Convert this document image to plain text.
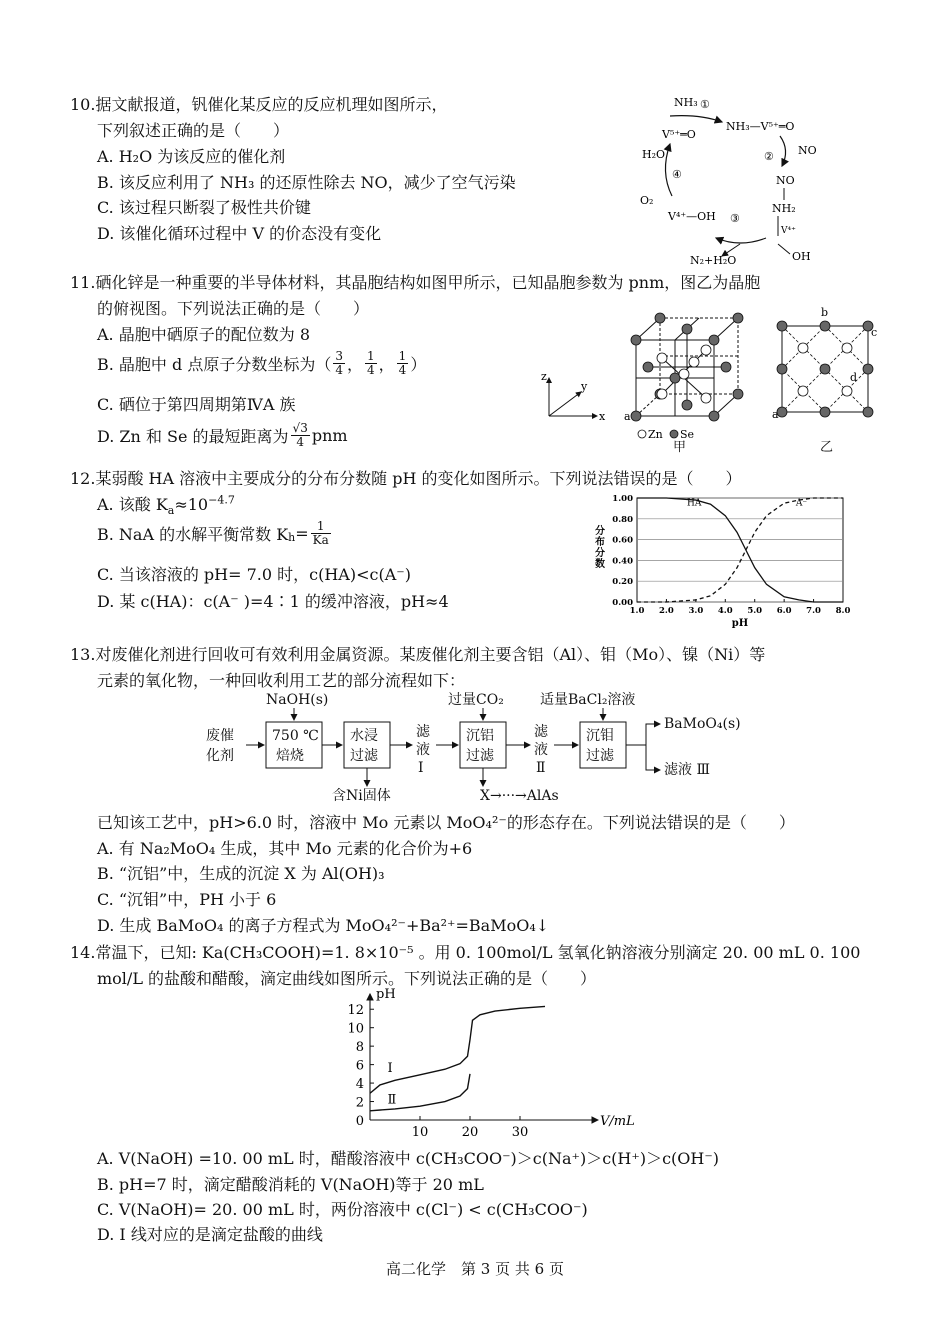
10.据文献报道，钒催化某反应的反应机理如图所示，
下列叙述正确的是（　　）
A. H₂O 为该反应的催化剂
B. 该反应利用了 NH₃ 的还原性除去 NO，减少了空气污染
C. 该过程只断裂了极性共价键
D. 该催化循环过程中 V 的价态没有变化
NH₃ ①
NH₃—V⁵⁺═O
V⁵⁺═O
② NO
H₂O
④
O₂
NO
NH₂
V⁴⁺
OH
V⁴⁺—OH ③
N₂+H₂O
11.硒化锌是一种重要的半导体材料，其晶胞结构如图甲所示，已知晶胞参数为 pnm，图乙为晶胞
的俯视图。下列说法正确的是（　　）
A. 晶胞中硒原子的配位数为 8
B. 晶胞中 d 点原子分数坐标为（ $\frac{3}{4}$ ， $\frac{1}{4}$ ， $\frac{1}{4}$ ）
C. 硒位于第四周期第ⅣA 族
D. Zn 和 Se 的最短距离为 $\frac{√3}{4}$ pnm
z
y
x a
Zn Se
甲
b
c
d
a
乙
12.某弱酸 HA 溶液中主要成分的分布分数随 pH 的变化如图所示。下列说法错误的是（　　）
A. 该酸 $K_a\approx 10^{-4.7}$
B. NaA 的水解平衡常数 K $h = \frac{1}{Ka}$
C. 当该溶液的 pH= 7.0 时，c(HA)<c(A⁻)
D. 某 c(HA)：c(A⁻ )=4∶1 的缓冲溶液，pH≈4	0.00
0.20
0.40
0.60
0.80
1.00
1.0 2.0 3.0 4.0 5.0 6.0 7.0 8.0
pH
分布分数
HA	A⁻
13.对废催化剂进行回收可有效利用金属资源。某废催化剂主要含铝（Al）、钼（Mo）、镍（Ni）等
元素的氧化物，一种回收利用工艺的部分流程如下：
NaOH(s)	过量CO₂	适量BaCl₂溶液
废催
化剂
750 ℃
焙烧
水浸
过滤
滤
液
Ⅰ
沉铝
过滤
滤
液
Ⅱ
沉钼
过滤
BaMoO₄(s)
滤液 Ⅲ
含Ni固体	X→···→AlAs
已知该工艺中，pH>6.0 时，溶液中 Mo 元素以 MoO₄²⁻的形态存在。下列说法错误的是（　　）
A. 有 Na₂MoO₄ 生成，其中 Mo 元素的化合价为+6
B. “沉铝”中，生成的沉淀 X 为 Al(OH)₃
C. “沉钼”中，PH 小于 6
D. 生成 BaMoO₄ 的离子方程式为 MoO₄²⁻+Ba²⁺=BaMoO₄↓
14.常温下，已知: Ka(CH₃COOH)=1. 8×10⁻⁵ 。用 0. 100mol/L 氢氧化钠溶液分别滴定 20. 00 mL 0. 100
mol/L 的盐酸和醋酸，滴定曲线如图所示。下列说法正确的是（　　）
0
2
4
6
8
10
12
10	20	30
pH
V/mL
Ⅰ
Ⅱ
A. V(NaOH) =10. 00 mL 时，醋酸溶液中 c(CH₃COO⁻)＞c(Na⁺)＞c(H⁺)＞c(OH⁻)
B. pH=7 时，滴定醋酸消耗的 V(NaOH)等于 20 mL
C. V(NaOH)= 20. 00 mL 时，两份溶液中 c(Cl⁻) < c(CH₃COO⁻)
D. I 线对应的是滴定盐酸的曲线
高二化学　第 3 页 共 6 页
